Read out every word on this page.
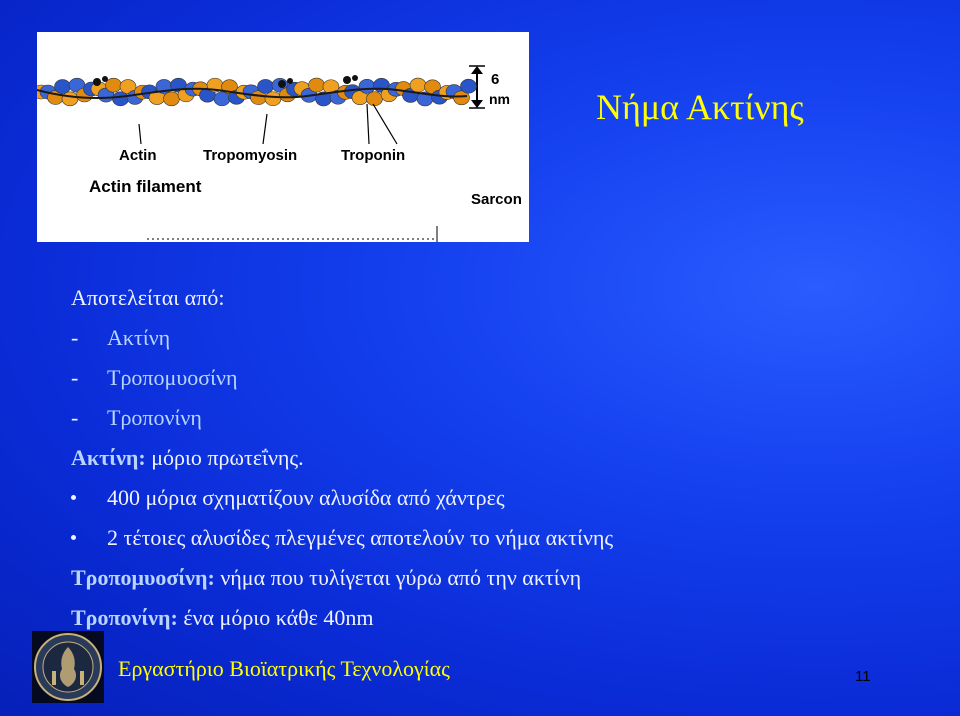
6
nm
Actin	Tropomyosin	Troponin
Actin filament
Sarcon
Νήμα Ακτίνης
Αποτελείται από:
- Ακτίνη
- Τροπομυοσίνη
- Τροπονίνη
Ακτίνη: μόριο πρωτεΐνης.
400 μόρια σχηματίζουν αλυσίδα από χάντρες
2 τέτοιες αλυσίδες πλεγμένες αποτελούν το νήμα ακτίνης
Τροπομυοσίνη: νήμα που τυλίγεται γύρω από την ακτίνη
Τροπονίνη: ένα μόριο κάθε 40nm
Εργαστήριο Βιοϊατρικής Τεχνολογίας	11
